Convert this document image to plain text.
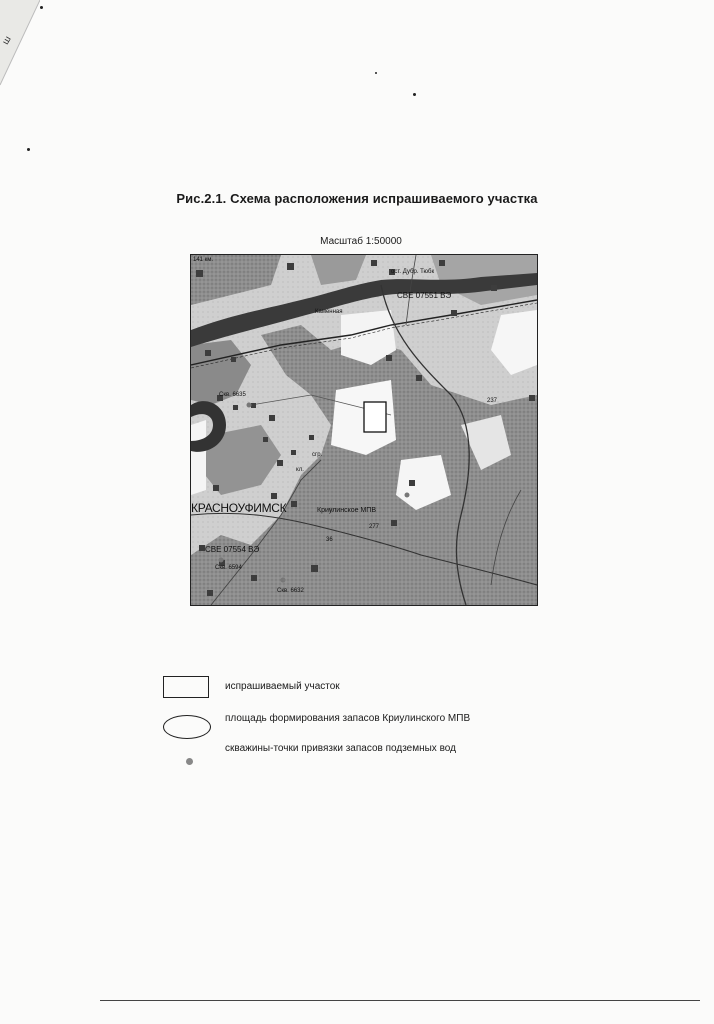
ш
Рис.2.1. Схема расположения испрашиваемого участка
Масштаб 1:50000
141 км.
ост. Дубр. Тюбк
СВЕ 07551 ВЭ
Каменная
Скв. 6635
237
сгр.
кл.
КРАСНОУФИМСК	Криулинское МПВ
277
36
СВЕ 07554 ВЭ
Скв. 6594
Скв. 6632
испрашиваемый участок
площадь формирования запасов Криулинского МПВ
скважины-точки привязки запасов подземных вод
